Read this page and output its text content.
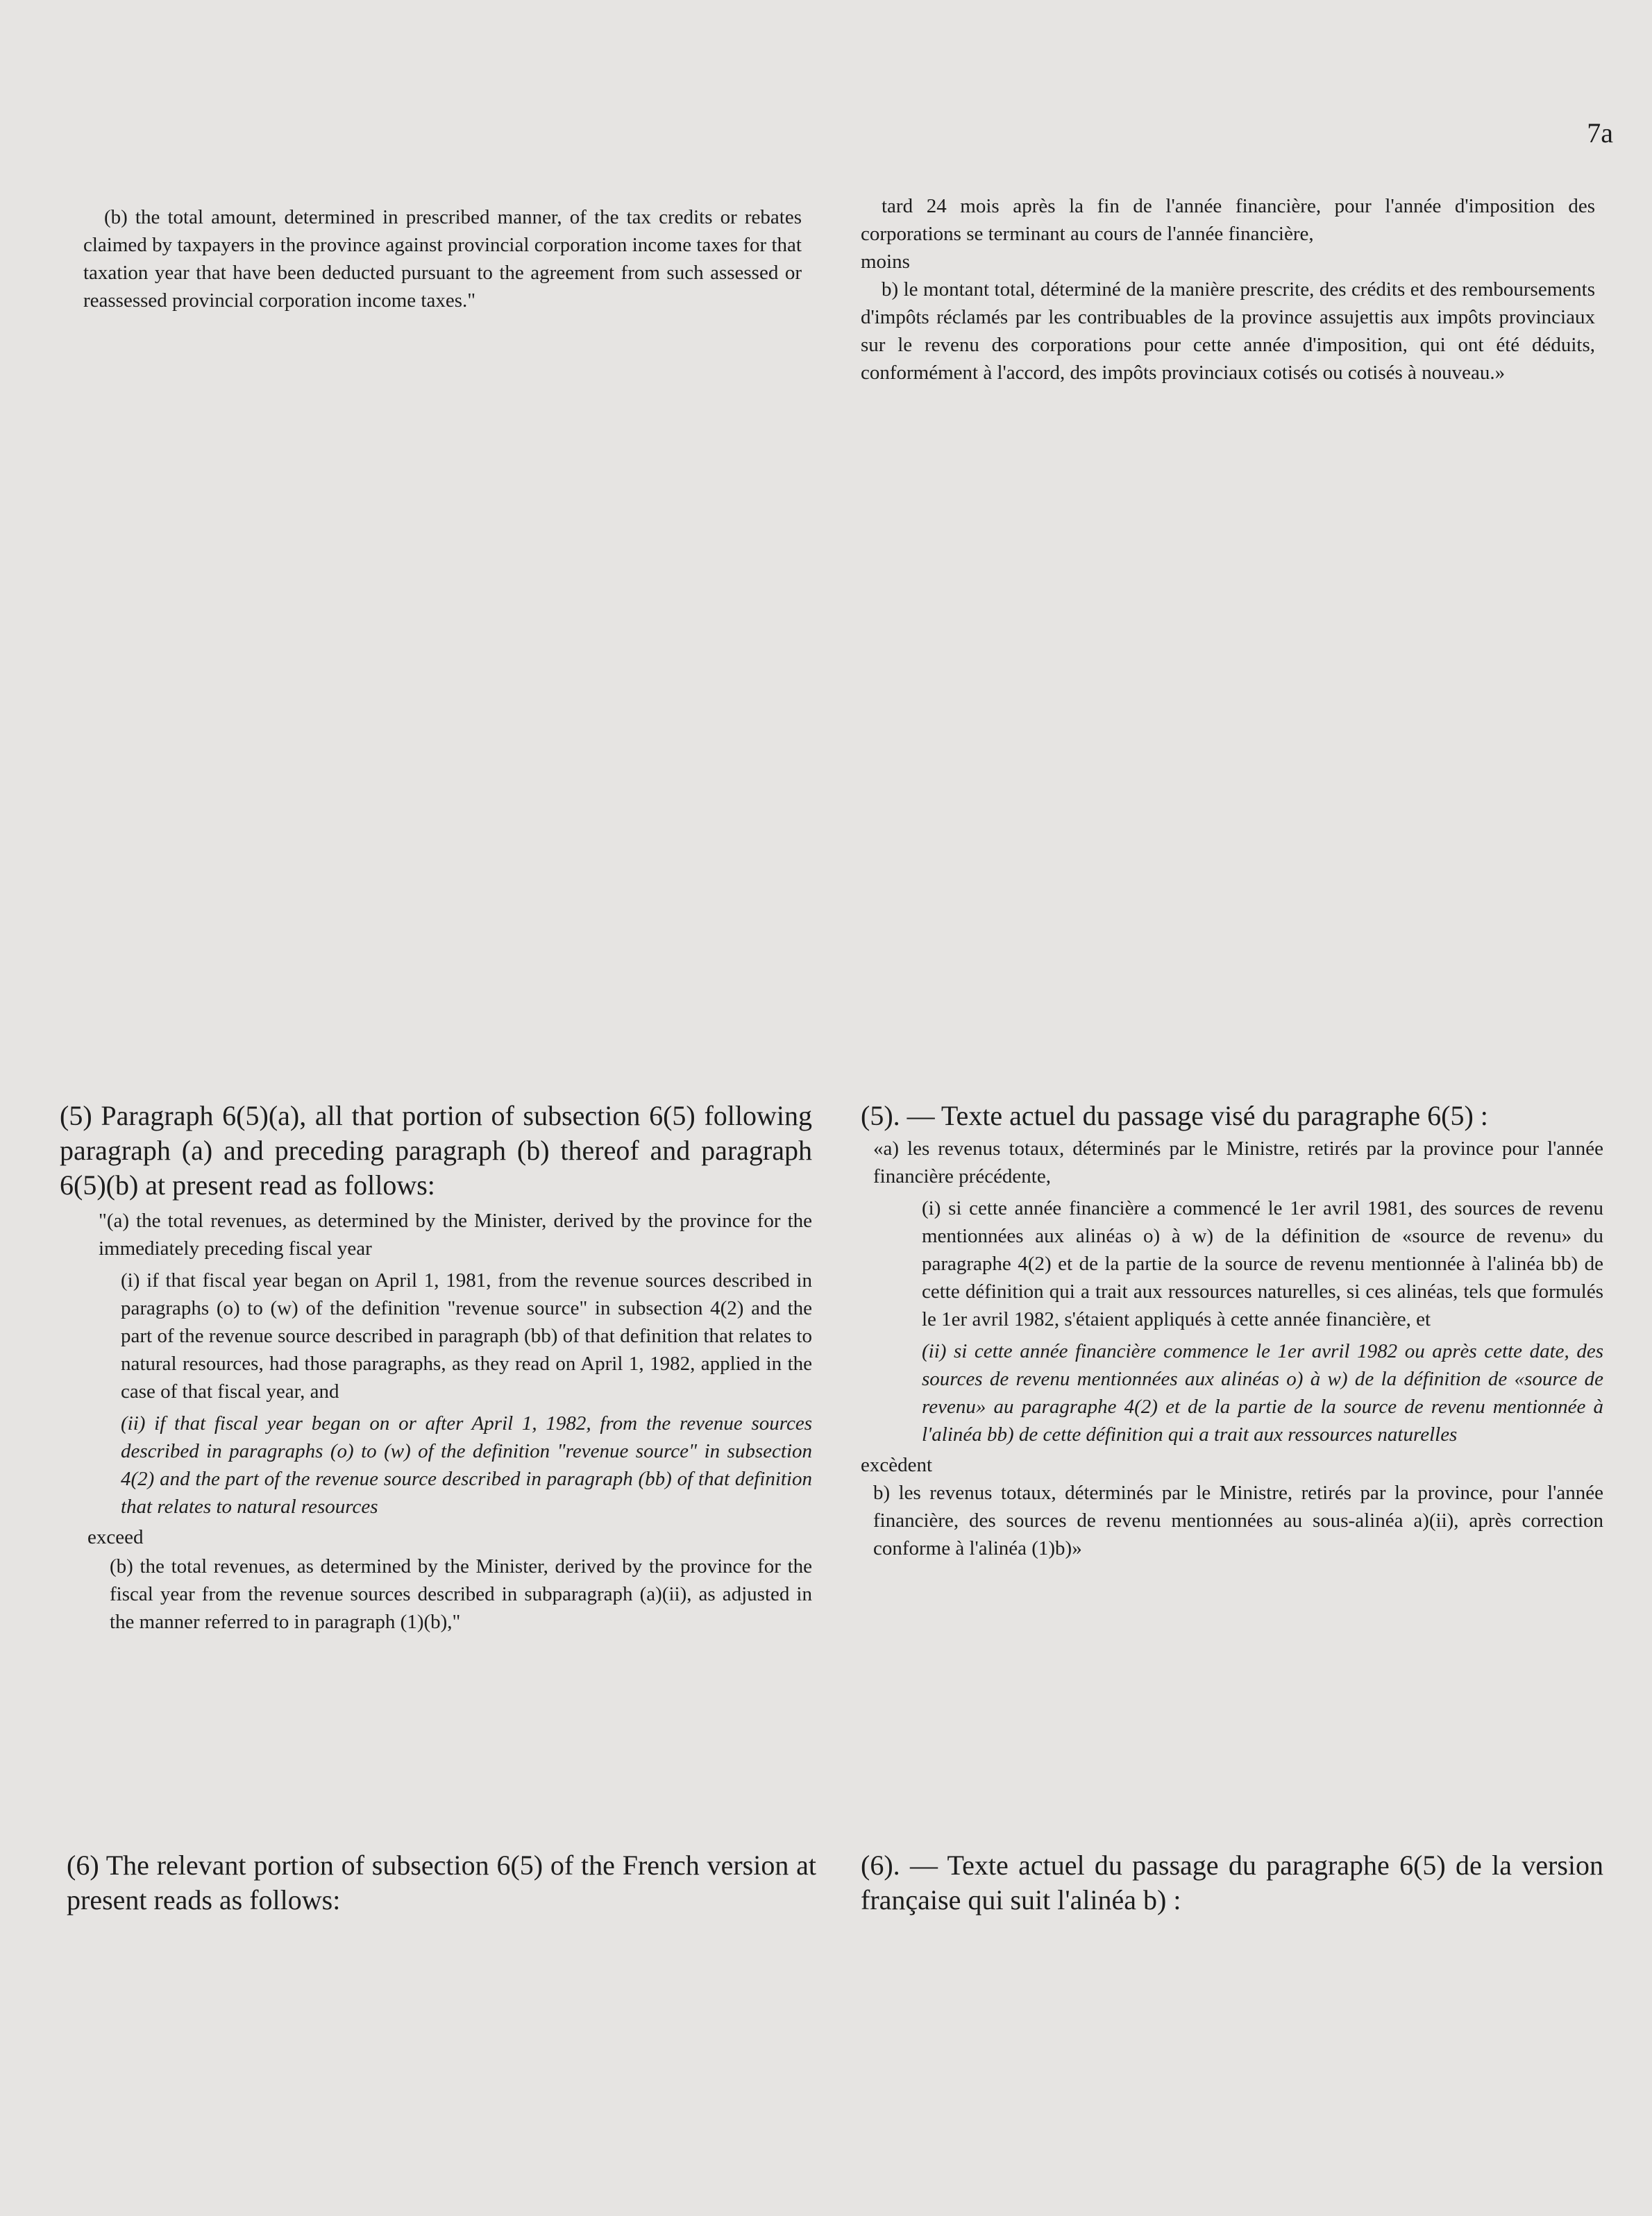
7a

(b) the total amount, determined in prescribed manner, of the tax credits or rebates claimed by taxpayers in the province against provincial corporation income taxes for that taxation year that have been deducted pursuant to the agreement from such assessed or reassessed provincial corporation income taxes."

tard 24 mois après la fin de l'année financière, pour l'année d'imposition des corporations se terminant au cours de l'année financière,

moins

b) le montant total, déterminé de la manière prescrite, des crédits et des remboursements d'impôts réclamés par les contribuables de la province assujettis aux impôts provinciaux sur le revenu des corporations pour cette année d'imposition, qui ont été déduits, conformément à l'accord, des impôts provinciaux cotisés ou cotisés à nouveau.»

(5) Paragraph 6(5)(a), all that portion of subsection 6(5) following paragraph (a) and preceding paragraph (b) thereof and paragraph 6(5)(b) at present read as follows:

"(a) the total revenues, as determined by the Minister, derived by the province for the immediately preceding fiscal year

(i) if that fiscal year began on April 1, 1981, from the revenue sources described in paragraphs (o) to (w) of the definition "revenue source" in subsection 4(2) and the part of the revenue source described in paragraph (bb) of that definition that relates to natural resources, had those paragraphs, as they read on April 1, 1982, applied in the case of that fiscal year, and

(ii) if that fiscal year began on or after April 1, 1982, from the revenue sources described in paragraphs (o) to (w) of the definition "revenue source" in subsection 4(2) and the part of the revenue source described in paragraph (bb) of that definition that relates to natural resources

exceed

(b) the total revenues, as determined by the Minister, derived by the province for the fiscal year from the revenue sources described in subparagraph (a)(ii), as adjusted in the manner referred to in paragraph (1)(b),"

(5). — Texte actuel du passage visé du paragraphe 6(5) :

«a) les revenus totaux, déterminés par le Ministre, retirés par la province pour l'année financière précédente,

(i) si cette année financière a commencé le 1er avril 1981, des sources de revenu mentionnées aux alinéas o) à w) de la définition de «source de revenu» du paragraphe 4(2) et de la partie de la source de revenu mentionnée à l'alinéa bb) de cette définition qui a trait aux ressources naturelles, si ces alinéas, tels que formulés le 1er avril 1982, s'étaient appliqués à cette année financière, et

(ii) si cette année financière commence le 1er avril 1982 ou après cette date, des sources de revenu mentionnées aux alinéas o) à w) de la définition de «source de revenu» au paragraphe 4(2) et de la partie de la source de revenu mentionnée à l'alinéa bb) de cette définition qui a trait aux ressources naturelles

excèdent

b) les revenus totaux, déterminés par le Ministre, retirés par la province, pour l'année financière, des sources de revenu mentionnées au sous-alinéa a)(ii), après correction conforme à l'alinéa (1)b)»

(6) The relevant portion of subsection 6(5) of the French version at present reads as follows:

(6). — Texte actuel du passage du paragraphe 6(5) de la version française qui suit l'alinéa b) :
